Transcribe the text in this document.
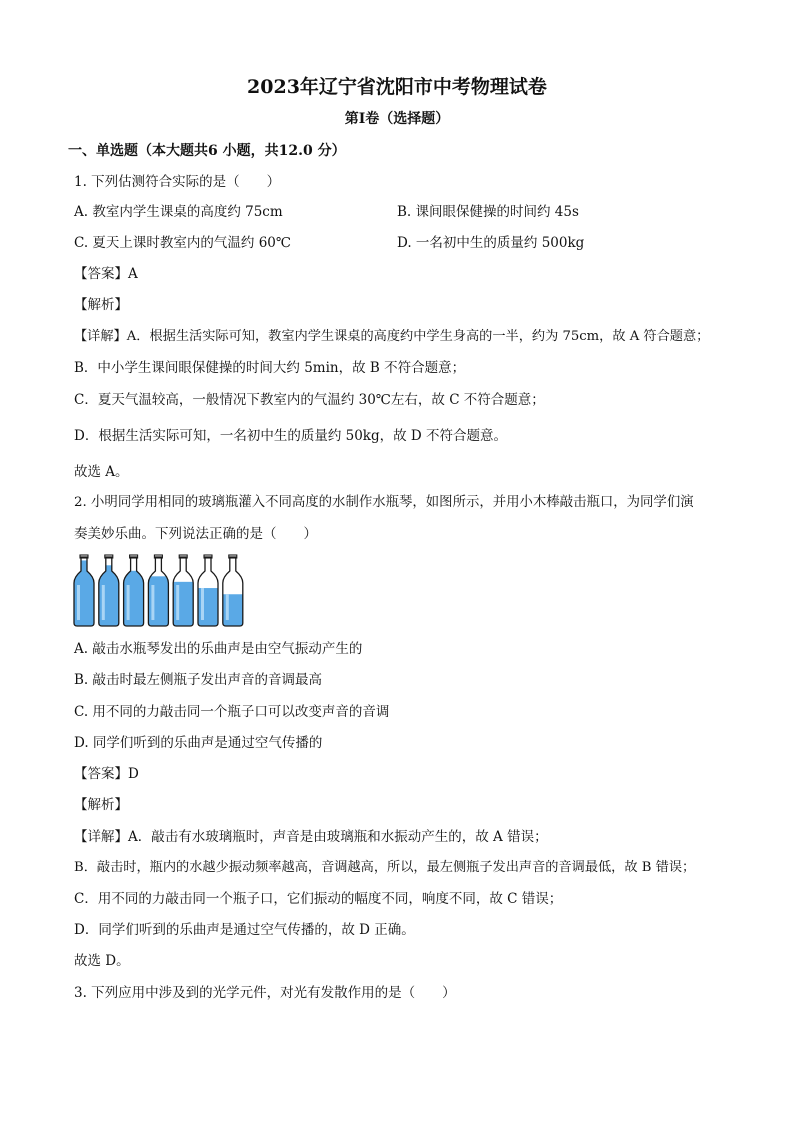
2023年辽宁省沈阳市中考物理试卷
第I卷（选择题）
一、单选题（本大题共6 小题，共12.0 分）
1. 下列估测符合实际的是（　　）
A. 教室内学生课桌的高度约 75cm	B. 课间眼保健操的时间约 45s
C. 夏天上课时教室内的气温约 60℃	D. 一名初中生的质量约 500kg
【答案】A
【解析】
【详解】A．根据生活实际可知，教室内学生课桌的高度约中学生身高的一半，约为 75cm，故 A 符合题意；
B．中小学生课间眼保健操的时间大约 5min，故 B 不符合题意；
C．夏天气温较高，一般情况下教室内的气温约 30℃左右，故 C 不符合题意；
D．根据生活实际可知，一名初中生的质量约 50kg，故 D 不符合题意。
故选 A。
2. 小明同学用相同的玻璃瓶灌入不同高度的水制作水瓶琴，如图所示，并用小木棒敲击瓶口，为同学们演
奏美妙乐曲。下列说法正确的是（　　）
A. 敲击水瓶琴发出的乐曲声是由空气振动产生的
B. 敲击时最左侧瓶子发出声音的音调最高
C. 用不同的力敲击同一个瓶子口可以改变声音的音调
D. 同学们听到的乐曲声是通过空气传播的
【答案】D
【解析】
【详解】A．敲击有水玻璃瓶时，声音是由玻璃瓶和水振动产生的，故 A 错误；
B．敲击时，瓶内的水越少振动频率越高，音调越高，所以，最左侧瓶子发出声音的音调最低，故 B 错误；
C．用不同的力敲击同一个瓶子口，它们振动的幅度不同，响度不同，故 C 错误；
D．同学们听到的乐曲声是通过空气传播的，故 D 正确。
故选 D。
3. 下列应用中涉及到的光学元件，对光有发散作用的是（　　）
